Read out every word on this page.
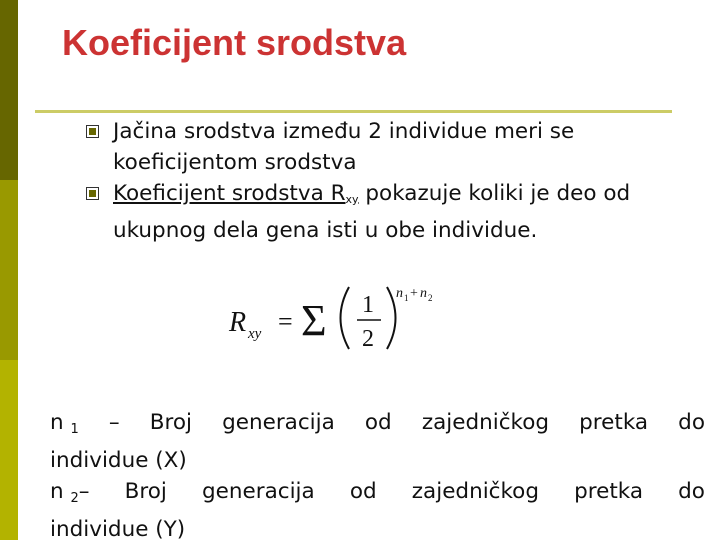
Koeficijent srodstva
Jačina srodstva između 2 individue meri se koeficijentom srodstva
Koeficijent srodstva Rxy pokazuje koliki je deo od ukupnog dela gena isti u obe individue.
R xy = Σ 1
2
n 1 + n 2
n $_1$ – Broj generacija od zajedničkog pretka do
individue (X)
n $_2$– Broj generacija od zajedničkog pretka do
individue (Y)
